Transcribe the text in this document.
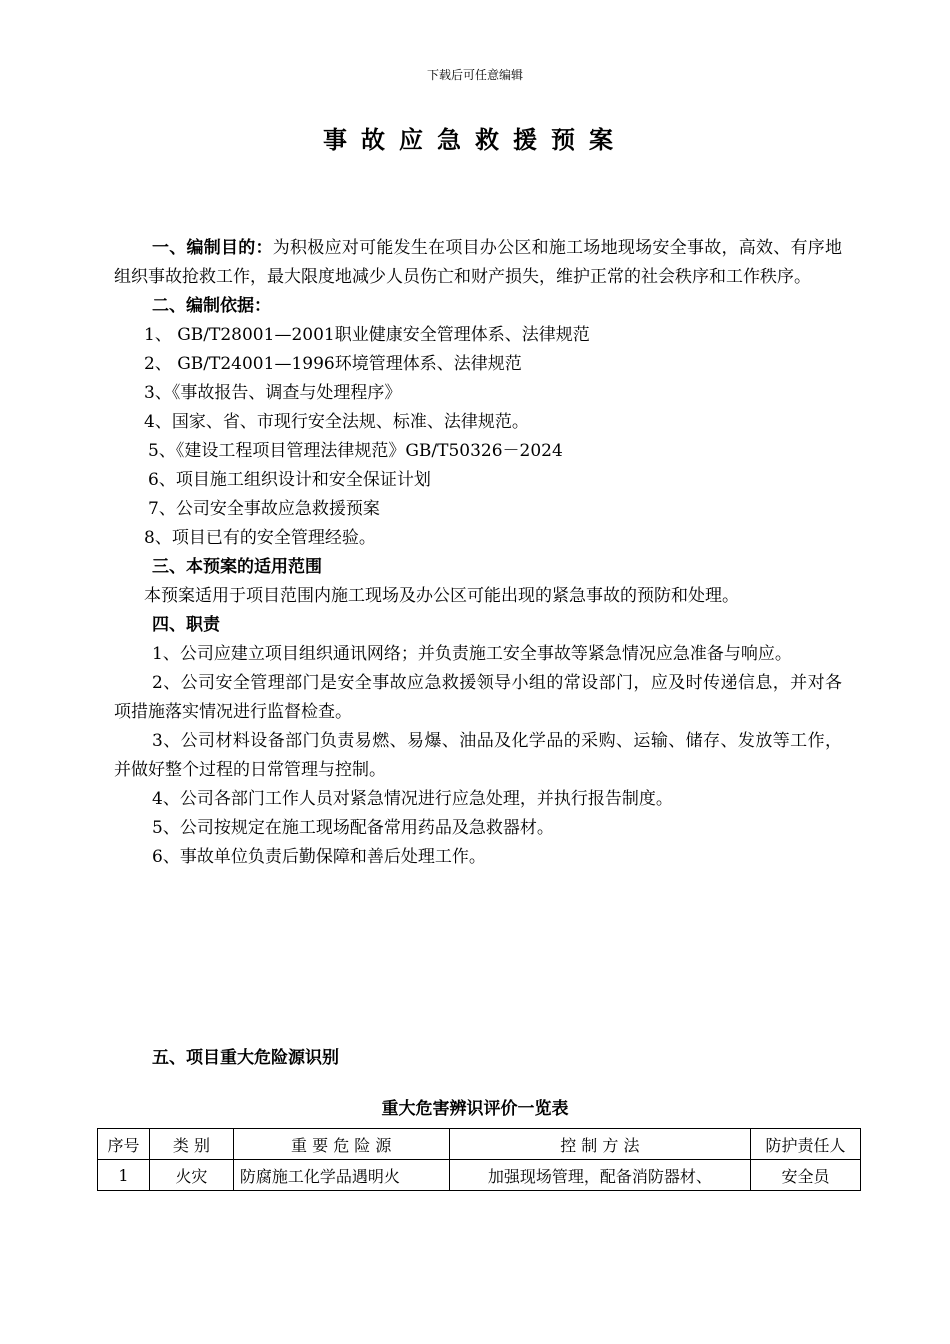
下载后可任意编辑
事故应急救援预案

一、编制目的：为积极应对可能发生在项目办公区和施工场地现场安全事故，高效、有序地组织事故抢救工作，最大限度地减少人员伤亡和财产损失，维护正常的社会秩序和工作秩序。

二、编制依据：

1、 GB/T28001—2001职业健康安全管理体系、法律规范

2、 GB/T24001—1996环境管理体系、法律规范

3、《事故报告、调查与处理程序》

4、国家、省、市现行安全法规、标准、法律规范。

5、《建设工程项目管理法律规范》GB/T50326－2024

6、项目施工组织设计和安全保证计划

7、公司安全事故应急救援预案

8、项目已有的安全管理经验。

三、本预案的适用范围

本预案适用于项目范围内施工现场及办公区可能出现的紧急事故的预防和处理。

四、职责

1、公司应建立项目组织通讯网络；并负责施工安全事故等紧急情况应急准备与响应。

2、公司安全管理部门是安全事故应急救援领导小组的常设部门，应及时传递信息，并对各项措施落实情况进行监督检查。

3、公司材料设备部门负责易燃、易爆、油品及化学品的采购、运输、储存、发放等工作，并做好整个过程的日常管理与控制。

4、公司各部门工作人员对紧急情况进行应急处理，并执行报告制度。

5、公司按规定在施工现场配备常用药品及急救器材。

6、事故单位负责后勤保障和善后处理工作。

五、项目重大危险源识别
重大危害辨识评价一览表
序号	类 别	重 要 危 险 源	控 制 方 法	防护责任人
1	火灾	防腐施工化学品遇明火	加强现场管理，配备消防器材、	安全员
